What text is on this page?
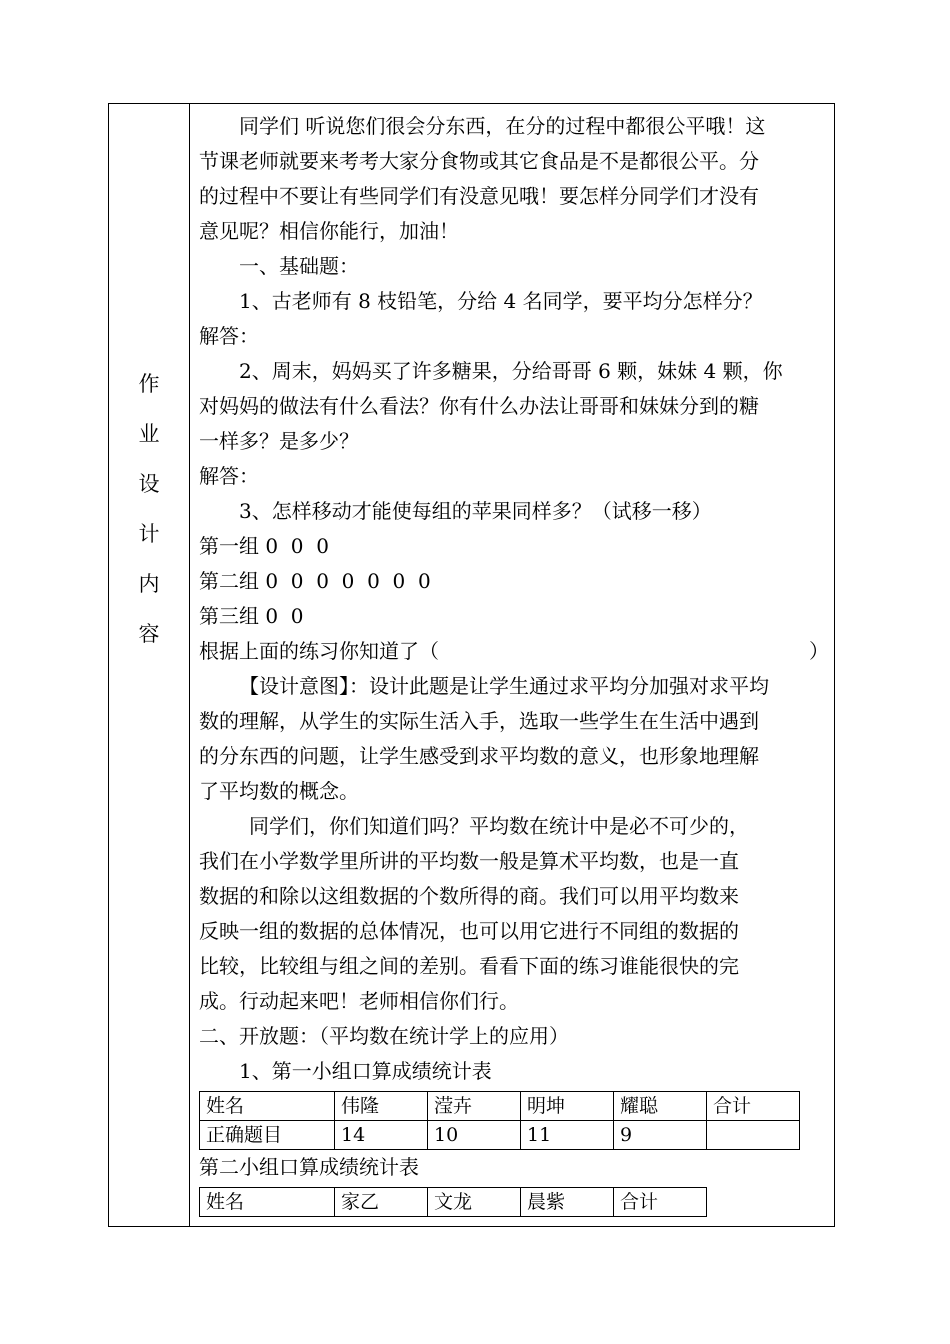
作
业
设
计
内
容
同学们 听说您们很会分东西，在分的过程中都很公平哦！这
节课老师就要来考考大家分食物或其它食品是不是都很公平。分
的过程中不要让有些同学们有没意见哦！要怎样分同学们才没有
意见呢？相信你能行，加油！
一、基础题：
1、古老师有 8 枝铅笔，分给 4 名同学，要平均分怎样分？
解答：
2、周末，妈妈买了许多糖果，分给哥哥 6 颗，妹妹 4 颗，你
对妈妈的做法有什么看法？你有什么办法让哥哥和妹妹分到的糖
一样多？是多少？
解答：
3、怎样移动才能使每组的苹果同样多？（试移一移）
第一组 0  0  0
第二组 0  0  0  0  0  0  0
第三组 0  0
根据上面的练习你知道了（	）
【设计意图】：设计此题是让学生通过求平均分加强对求平均
数的理解，从学生的实际生活入手，选取一些学生在生活中遇到
的分东西的问题，让学生感受到求平均数的意义，也形象地理解
了平均数的概念。
同学们，你们知道们吗？平均数在统计中是必不可少的，
我们在小学数学里所讲的平均数一般是算术平均数，也是一直
数据的和除以这组数据的个数所得的商。我们可以用平均数来
反映一组的数据的总体情况，也可以用它进行不同组的数据的
比较，比较组与组之间的差别。看看下面的练习谁能很快的完
成。行动起来吧！老师相信你们行。
二、开放题：（平均数在统计学上的应用）
1、第一小组口算成绩统计表
姓名	伟隆	滢卉	明坤	耀聪	合计
正确题目	14	10	11	9	
第二小组口算成绩统计表
姓名	家乙	文龙	晨紫	合计
